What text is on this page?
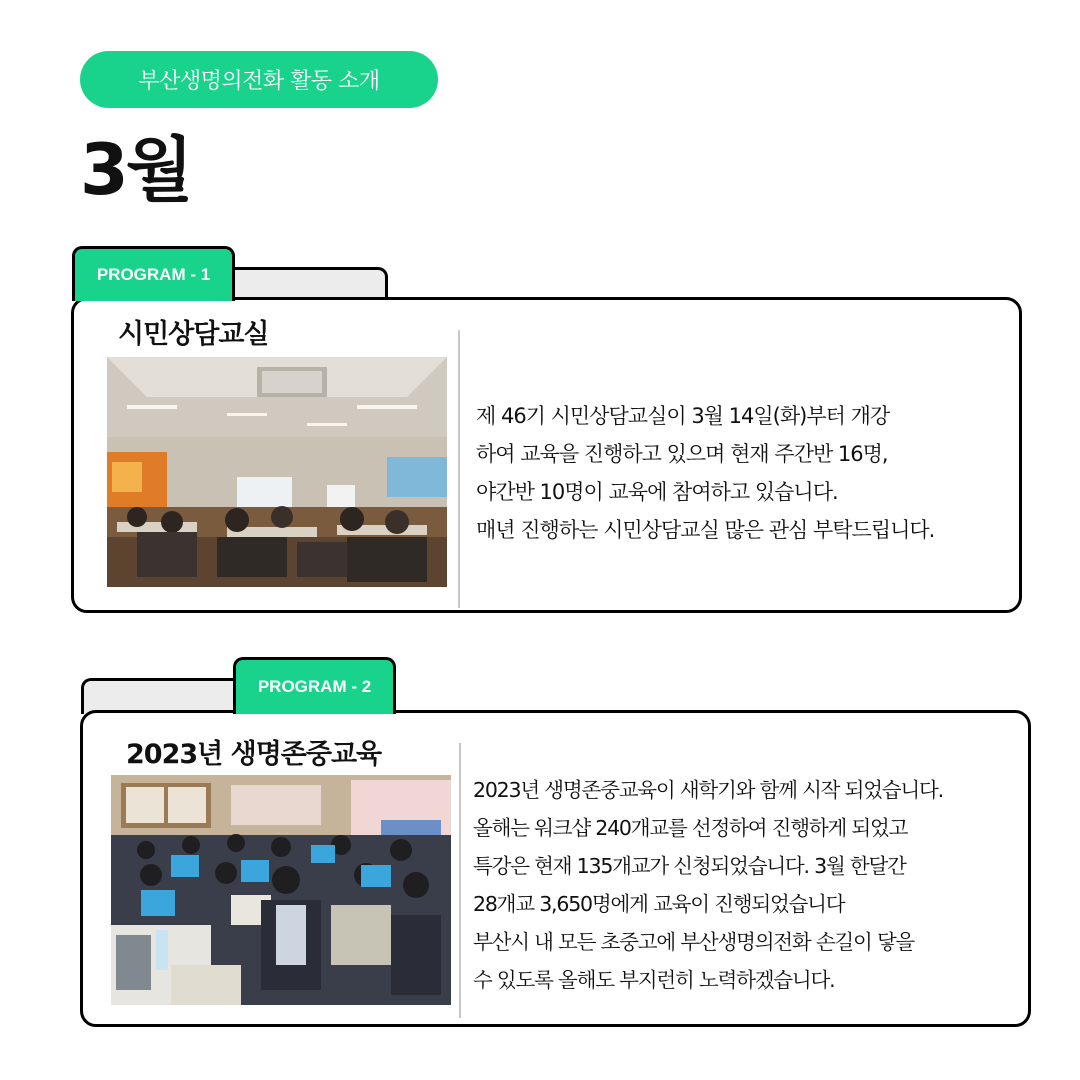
부산생명의전화 활동 소개
3월
PROGRAM - 1
시민상담교실
제 46기 시민상담교실이 3월 14일(화)부터 개강
하여 교육을 진행하고 있으며 현재 주간반 16명,
야간반 10명이 교육에 참여하고 있습니다.
매년 진행하는 시민상담교실 많은 관심 부탁드립니다.
PROGRAM - 2
2023년 생명존중교육
2023년 생명존중교육이 새학기와 함께 시작 되었습니다.
올해는 워크샵 240개교를 선정하여 진행하게 되었고
특강은 현재 135개교가 신청되었습니다. 3월 한달간
28개교 3,650명에게 교육이 진행되었습니다
부산시 내 모든 초중고에 부산생명의전화 손길이 닿을
수 있도록 올해도 부지런히 노력하겠습니다.
